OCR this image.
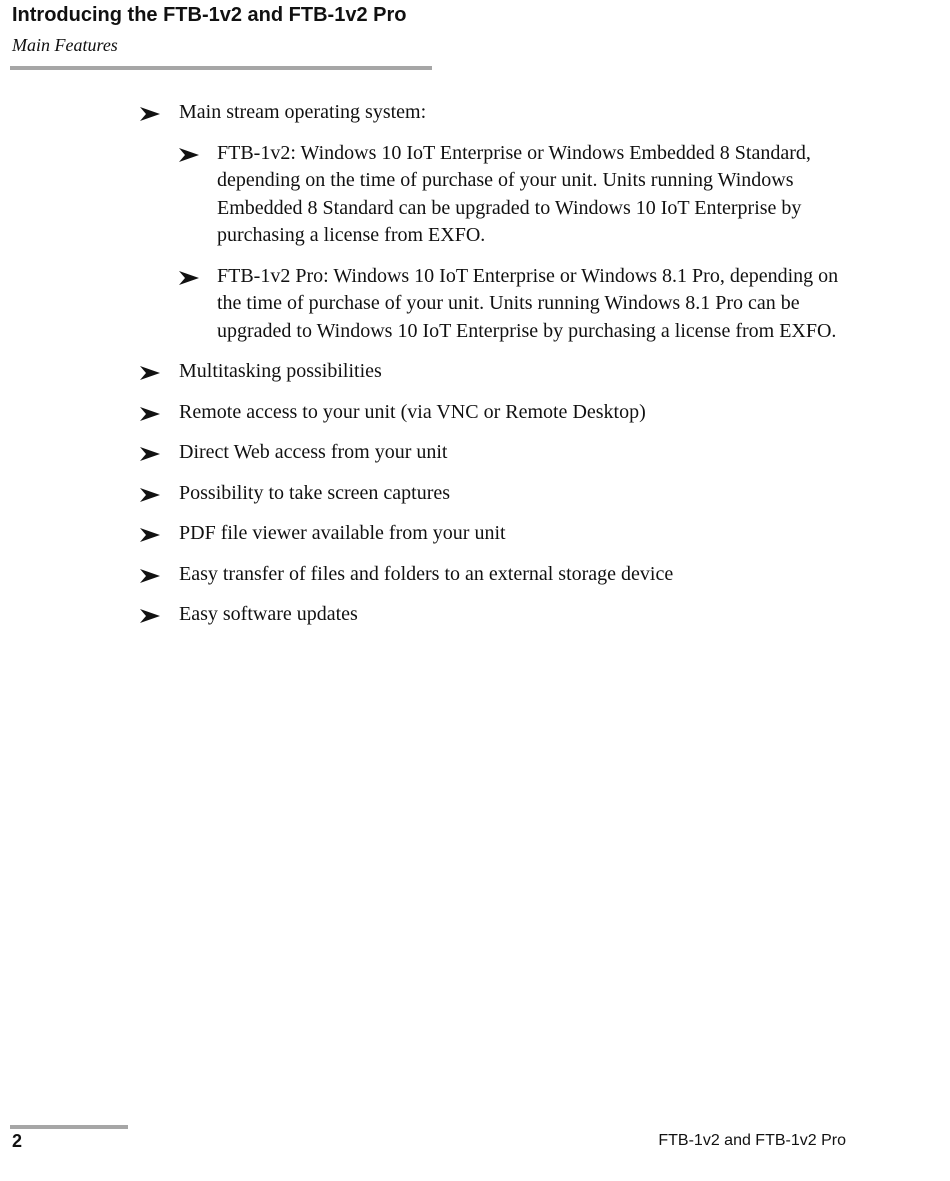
Introducing the FTB-1v2 and FTB-1v2 Pro
Main Features
Main stream operating system:
FTB-1v2: Windows 10 IoT Enterprise or Windows Embedded 8 Standard, depending on the time of purchase of your unit. Units running Windows Embedded 8 Standard can be upgraded to Windows 10 IoT Enterprise by purchasing a license from EXFO.
FTB-1v2 Pro: Windows 10 IoT Enterprise or Windows 8.1 Pro, depending on the time of purchase of your unit. Units running Windows 8.1 Pro can be upgraded to Windows 10 IoT Enterprise by purchasing a license from EXFO.
Multitasking possibilities
Remote access to your unit (via VNC or Remote Desktop)
Direct Web access from your unit
Possibility to take screen captures
PDF file viewer available from your unit
Easy transfer of files and folders to an external storage device
Easy software updates
2	FTB-1v2 and FTB-1v2 Pro
